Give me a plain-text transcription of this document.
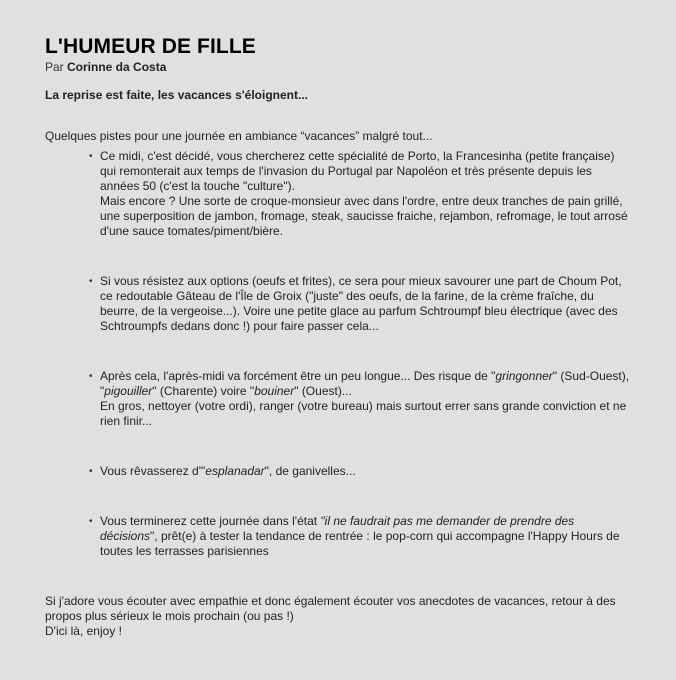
L'HUMEUR DE FILLE

Par Corinne da Costa

La reprise est faite, les vacances s'éloignent...

Quelques pistes pour une journée en ambiance “vacances” malgré tout...

• Ce midi, c'est décidé, vous chercherez cette spécialité de Porto, la Francesinha (petite française) qui remonterait aux temps de l'invasion du Portugal par Napoléon et très présente depuis les années 50 (c'est la touche "culture").
Mais encore ? Une sorte de croque-monsieur avec dans l'ordre, entre deux tranches de pain grillé, une superposition de jambon, fromage, steak, saucisse fraiche, rejambon, refromage, le tout arrosé d'une sauce tomates/piment/bière.
• Si vous résistez aux options (oeufs et frites), ce sera pour mieux savourer une part de Choum Pot, ce redoutable Gâteau de l'Île de Groix ("juste" des oeufs, de la farine, de la crème fraîche, du beurre, de la vergeoise...). Voire une petite glace au parfum Schtroumpf bleu électrique (avec des Schtroumpfs dedans donc !) pour faire passer cela...
• Après cela, l'après-midi va forcément être un peu longue... Des risque de "gringonner" (Sud-Ouest), "pigouiller" (Charente) voire "bouiner" (Ouest)...
En gros, nettoyer (votre ordi), ranger (votre bureau) mais surtout errer sans grande conviction et ne rien finir...
• Vous rêvasserez d'"esplanadar", de ganivelles...
• Vous terminerez cette journée dans l'état "il ne faudrait pas me demander de prendre des décisions", prêt(e) à tester la tendance de rentrée : le pop-corn qui accompagne l'Happy Hours de toutes les terrasses parisiennes

Si j'adore vous écouter avec empathie et donc également écouter vos anecdotes de vacances, retour à des propos plus sérieux le mois prochain (ou pas !)
D'ici là, enjoy !
